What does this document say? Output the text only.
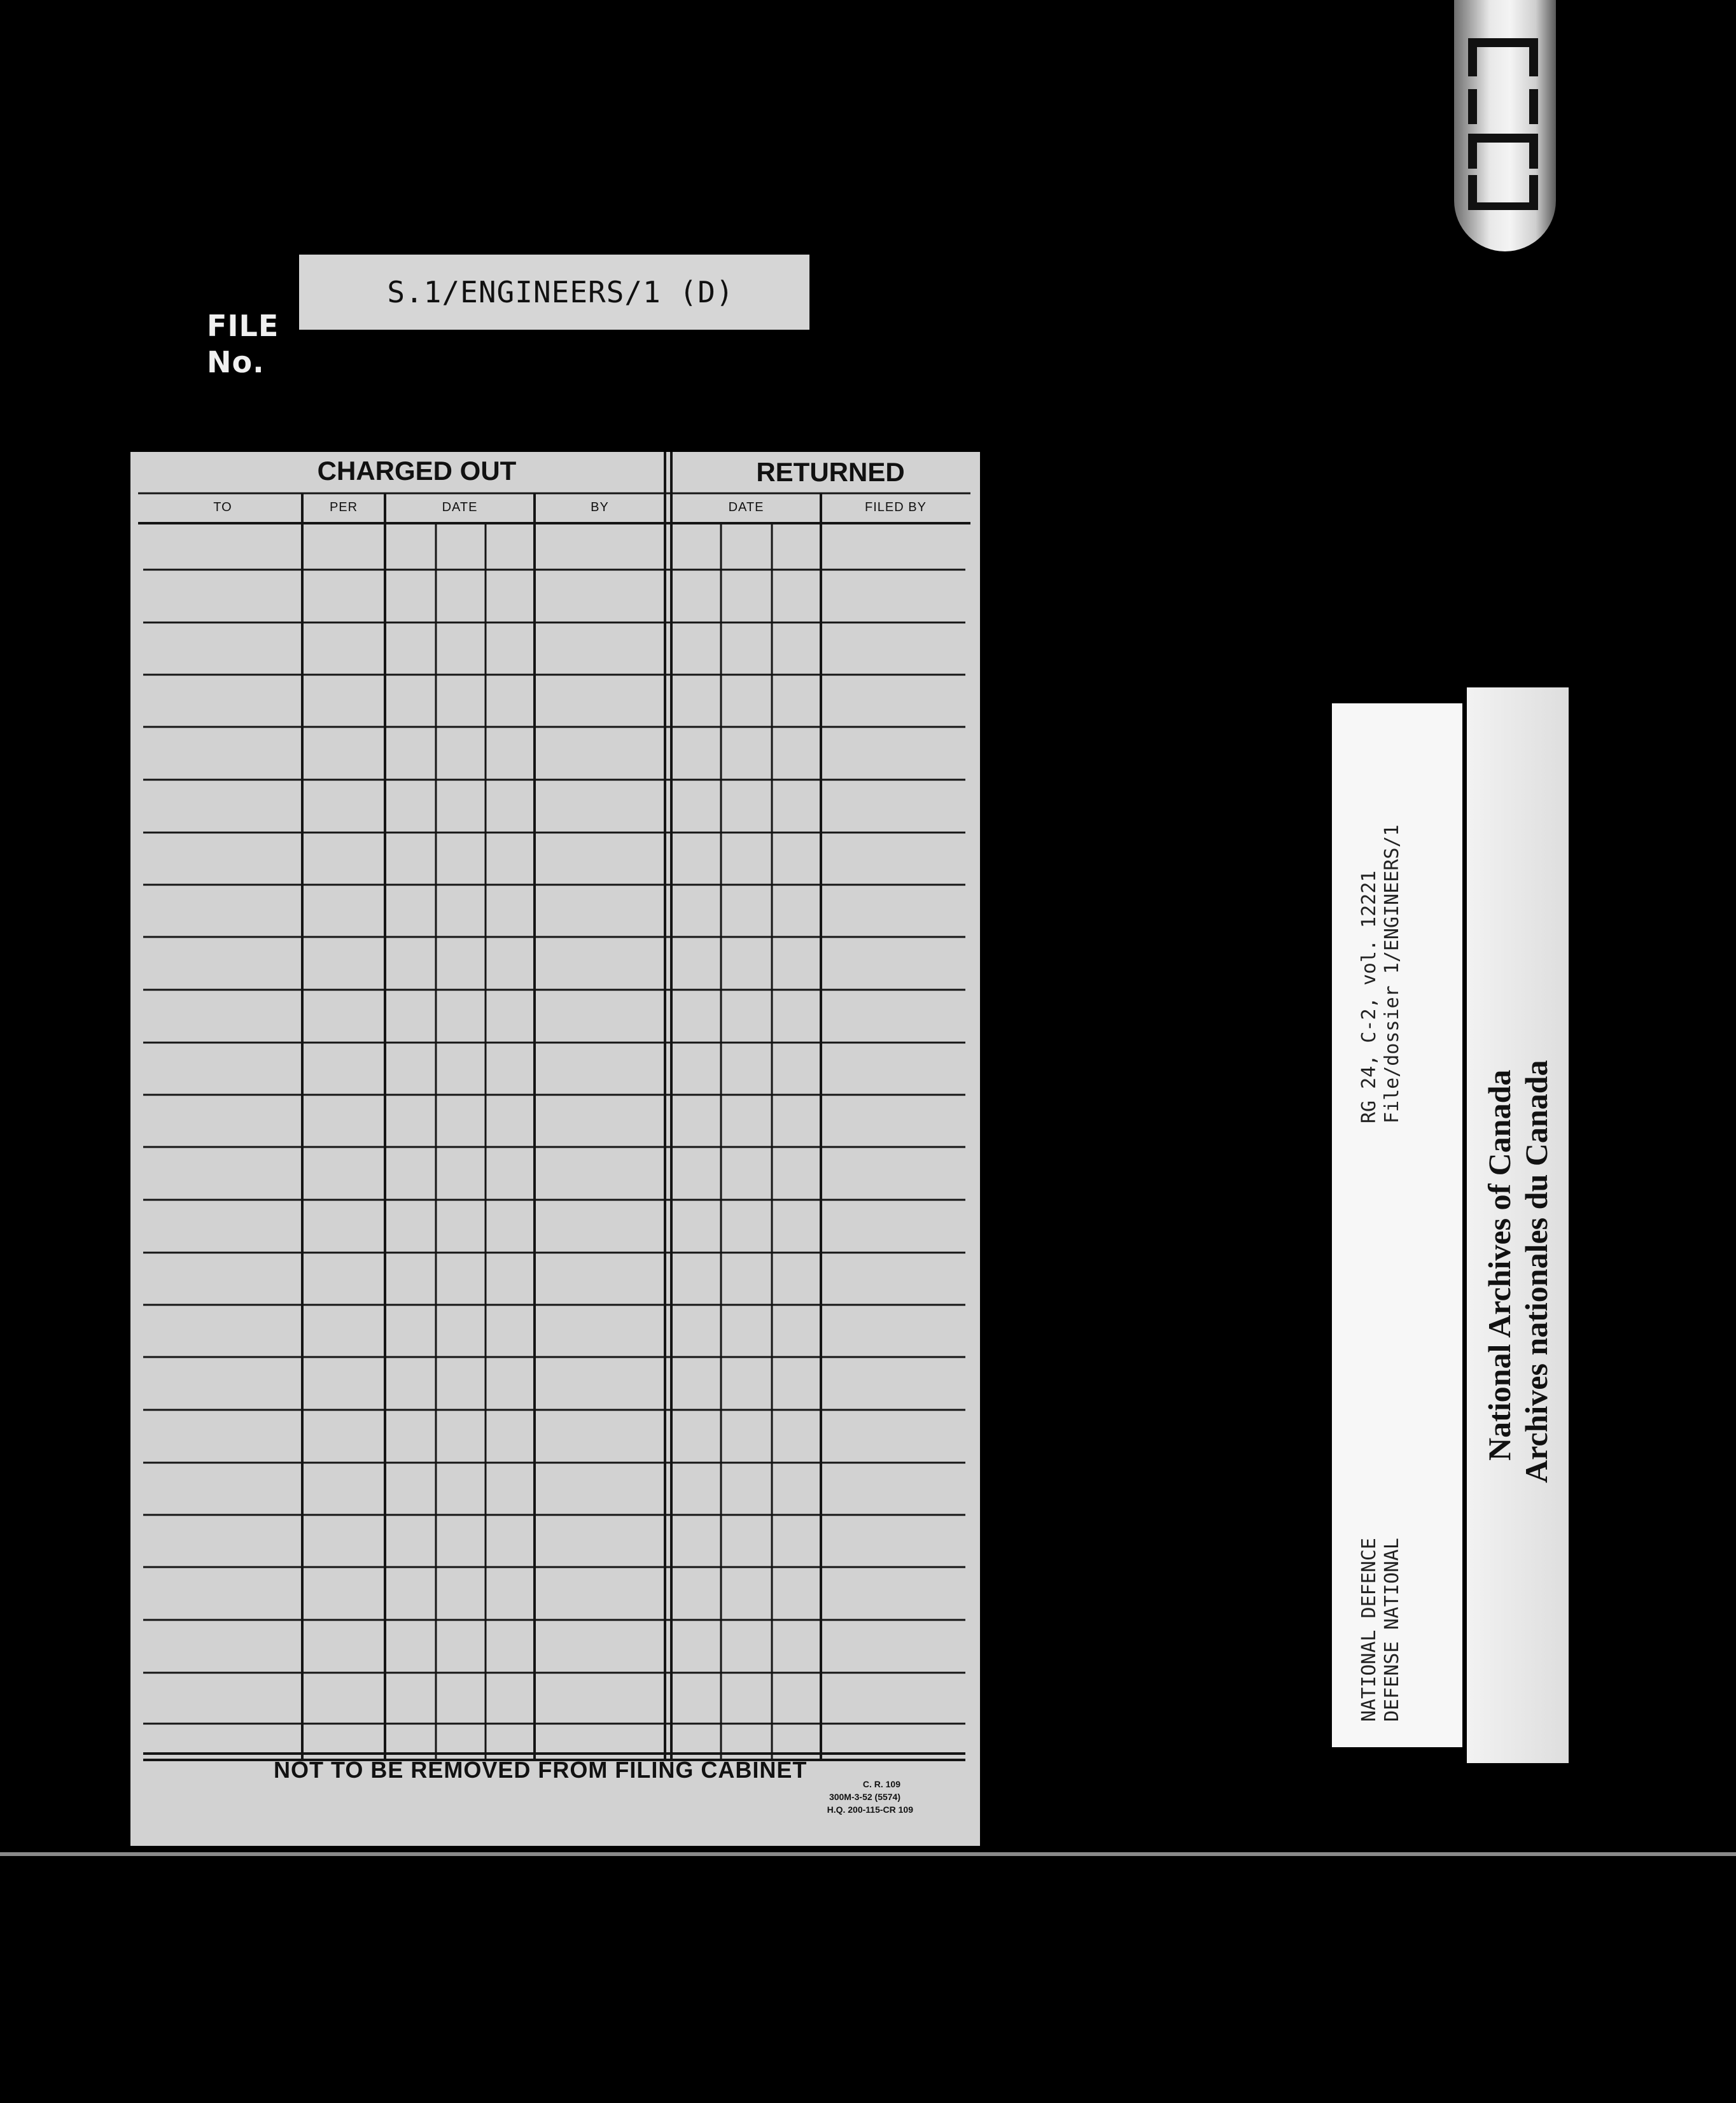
FILE
No.
S.1/ENGINEERS/1 (D)
CHARGED OUT	RETURNED
TO	PER	DATE	BY	DATE	FILED BY
NOT TO BE REMOVED FROM FILING CABINET
C. R. 109
300M-3-52 (5574)
H.Q. 200-115-CR 109
NATIONAL DEFENCE DEFENSE NATIONAL
RG 24, C-2, vol. 12221 File/dossier 1/ENGINEERS/1
National Archives of Canada Archives nationales du Canada
